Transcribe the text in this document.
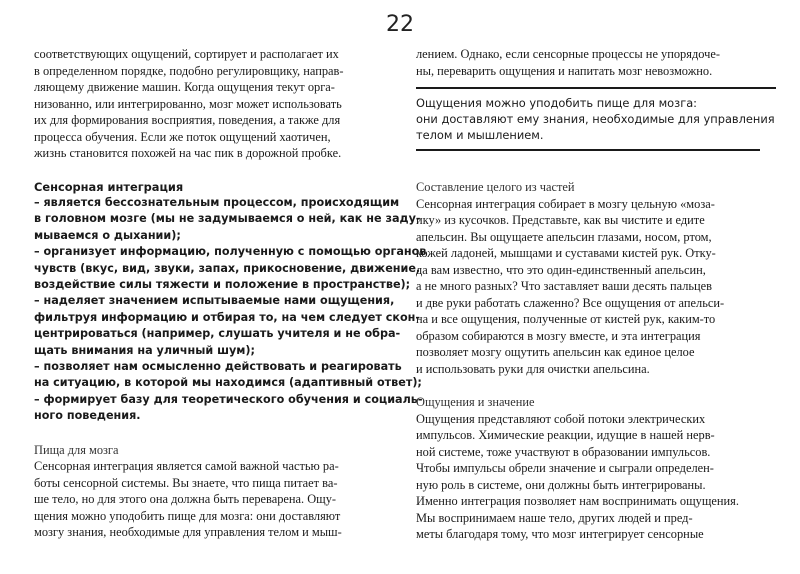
22
соответствующих ощущений, сортирует и располагает их
в определенном порядке, подобно регулировщику, направ-
ляющему движение машин. Когда ощущения текут орга-
низованно, или интегрированно, мозг может использовать
их для формирования восприятия, поведения, а также для
процесса обучения. Если же поток ощущений хаотичен,
жизнь становится похожей на час пик в дорожной пробке.
Сенсорная интеграция
– является бессознательным процессом, происходящим
в головном мозге (мы не задумываемся о ней, как не заду-
мываемся о дыхании);
– организует информацию, полученную с помощью органов
чувств (вкус, вид, звуки, запах, прикосновение, движение,
воздействие силы тяжести и положение в пространстве);
– наделяет значением испытываемые нами ощущения,
фильтруя информацию и отбирая то, на чем следует скон-
центрироваться (например, слушать учителя и не обра-
щать внимания на уличный шум);
– позволяет нам осмысленно действовать и реагировать
на ситуацию, в которой мы находимся (адаптивный ответ);
– формирует базу для теоретического обучения и социаль-
ного поведения.
Пища для мозга
Сенсорная интеграция является самой важной частью ра-
боты сенсорной системы. Вы знаете, что пища питает ва-
ше тело, но для этого она должна быть переварена. Ощу-
щения можно уподобить пище для мозга: они доставляют
мозгу знания, необходимые для управления телом и мыш-
лением. Однако, если сенсорные процессы не упорядоче-
ны, переварить ощущения и напитать мозг невозможно.
Ощущения можно уподобить пище для мозга:
они доставляют ему знания, необходимые для управления
телом и мышлением.
Составление целого из частей
Сенсорная интеграция собирает в мозгу цельную «моза-
ику» из кусочков. Представьте, как вы чистите и едите
апельсин. Вы ощущаете апельсин глазами, носом, ртом,
кожей ладоней, мышцами и суставами кистей рук. Отку-
да вам известно, что это один-единственный апельсин,
а не много разных? Что заставляет ваши десять пальцев
и две руки работать слаженно? Все ощущения от апельси-
на и все ощущения, полученные от кистей рук, каким-то
образом собираются в мозгу вместе, и эта интеграция
позволяет мозгу ощутить апельсин как единое целое
и использовать руки для очистки апельсина.
Ощущения и значение
Ощущения представляют собой потоки электрических
импульсов. Химические реакции, идущие в нашей нерв-
ной системе, тоже участвуют в образовании импульсов.
Чтобы импульсы обрели значение и сыграли определен-
ную роль в системе, они должны быть интегрированы.
Именно интеграция позволяет нам воспринимать ощущения.
Мы воспринимаем наше тело, других людей и пред-
меты благодаря тому, что мозг интегрирует сенсорные
